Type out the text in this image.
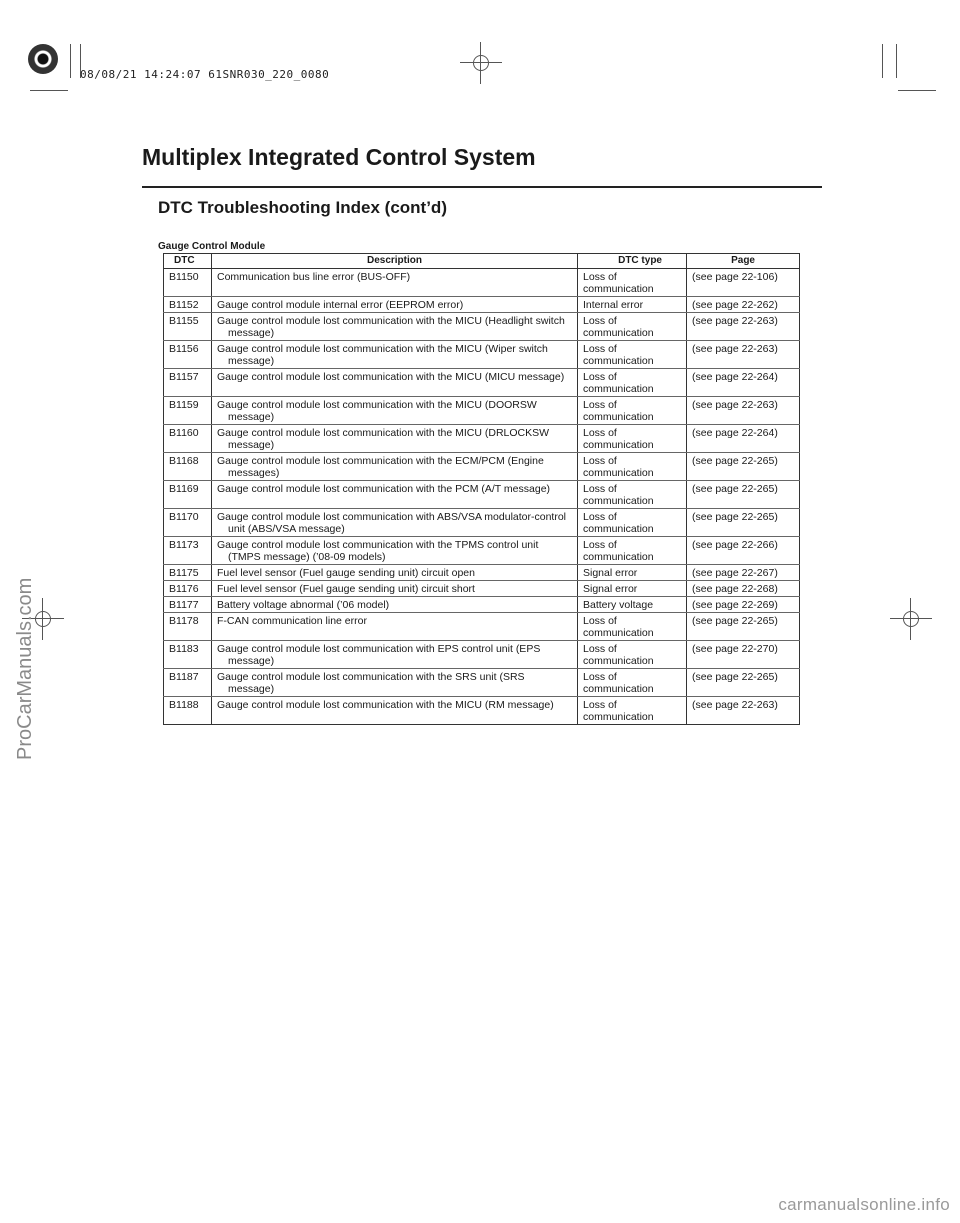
08/08/21 14:24:07 61SNR030_220_0080
ProCarManuals.com
carmanualsonline.info
Multiplex Integrated Control System
DTC Troubleshooting Index (cont’d)
Gauge Control Module
DTC	Description	DTC type	Page
B1150	Communication bus line error (BUS-OFF)	Loss of communication	(see page 22-106)
B1152	Gauge control module internal error (EEPROM error)	Internal error	(see page 22-262)
B1155	Gauge control module lost communication with the MICU (Headlight switch message)	Loss of communication	(see page 22-263)
B1156	Gauge control module lost communication with the MICU (Wiper switch message)	Loss of communication	(see page 22-263)
B1157	Gauge control module lost communication with the MICU (MICU message)	Loss of communication	(see page 22-264)
B1159	Gauge control module lost communication with the MICU (DOORSW message)	Loss of communication	(see page 22-263)
B1160	Gauge control module lost communication with the MICU (DRLOCKSW message)	Loss of communication	(see page 22-264)
B1168	Gauge control module lost communication with the ECM/PCM (Engine messages)	Loss of communication	(see page 22-265)
B1169	Gauge control module lost communication with the PCM (A/T message)	Loss of communication	(see page 22-265)
B1170	Gauge control module lost communication with ABS/VSA modulator-control unit (ABS/VSA message)	Loss of communication	(see page 22-265)
B1173	Gauge control module lost communication with the TPMS control unit (TMPS message) (’08-09 models)	Loss of communication	(see page 22-266)
B1175	Fuel level sensor (Fuel gauge sending unit) circuit open	Signal error	(see page 22-267)
B1176	Fuel level sensor (Fuel gauge sending unit) circuit short	Signal error	(see page 22-268)
B1177	Battery voltage abnormal (’06 model)	Battery voltage	(see page 22-269)
B1178	F-CAN communication line error	Loss of communication	(see page 22-265)
B1183	Gauge control module lost communication with EPS control unit (EPS message)	Loss of communication	(see page 22-270)
B1187	Gauge control module lost communication with the SRS unit (SRS message)	Loss of communication	(see page 22-265)
B1188	Gauge control module lost communication with the MICU (RM message)	Loss of communication	(see page 22-263)
